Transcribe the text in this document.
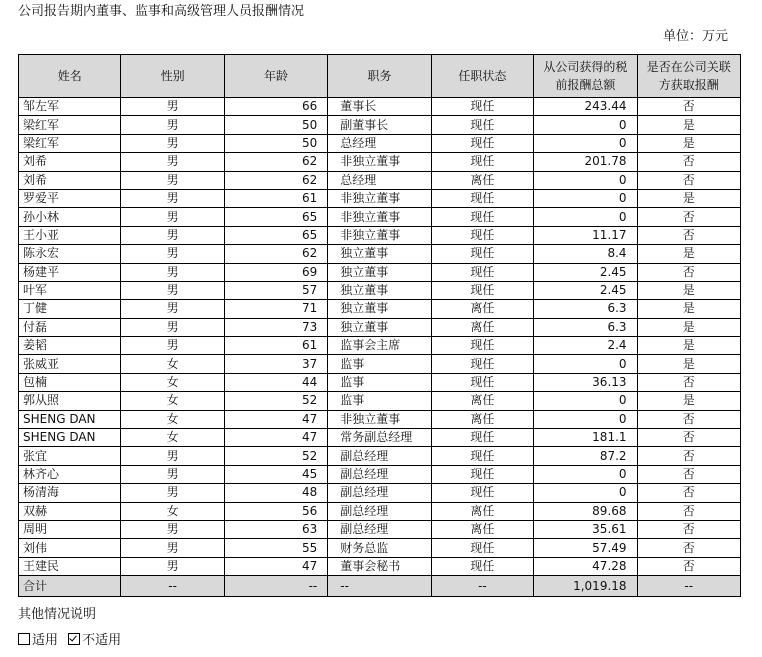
公司报告期内董事、监事和高级管理人员报酬情况
单位：万元
姓名	性别	年龄	职务	任职状态	从公司获得的税前报酬总额	是否在公司关联方获取报酬
邹左军	男	66	董事长	现任	243.44	否
梁红军	男	50	副董事长	现任	0	是
梁红军	男	50	总经理	现任	0	是
刘希	男	62	非独立董事	现任	201.78	否
刘希	男	62	总经理	离任	0	否
罗爱平	男	61	非独立董事	现任	0	是
孙小林	男	65	非独立董事	现任	0	否
王小亚	男	65	非独立董事	现任	11.17	否
陈永宏	男	62	独立董事	现任	8.4	是
杨建平	男	69	独立董事	现任	2.45	否
叶军	男	57	独立董事	现任	2.45	是
丁健	男	71	独立董事	离任	6.3	是
付磊	男	73	独立董事	离任	6.3	是
姜韬	男	61	监事会主席	现任	2.4	是
张威亚	女	37	监事	现任	0	是
包楠	女	44	监事	现任	36.13	否
郭从照	女	52	监事	离任	0	是
SHENG DAN	女	47	非独立董事	离任	0	否
SHENG DAN	女	47	常务副总经理	现任	181.1	否
张宜	男	52	副总经理	现任	87.2	否
林齐心	男	45	副总经理	现任	0	否
杨清海	男	48	副总经理	现任	0	否
双赫	女	56	副总经理	离任	89.68	否
周明	男	63	副总经理	离任	35.61	否
刘伟	男	55	财务总监	现任	57.49	否
王建民	男	47	董事会秘书	现任	47.28	否
合计	--	--	--	--	1,019.18	--
其他情况说明
适用 不适用
